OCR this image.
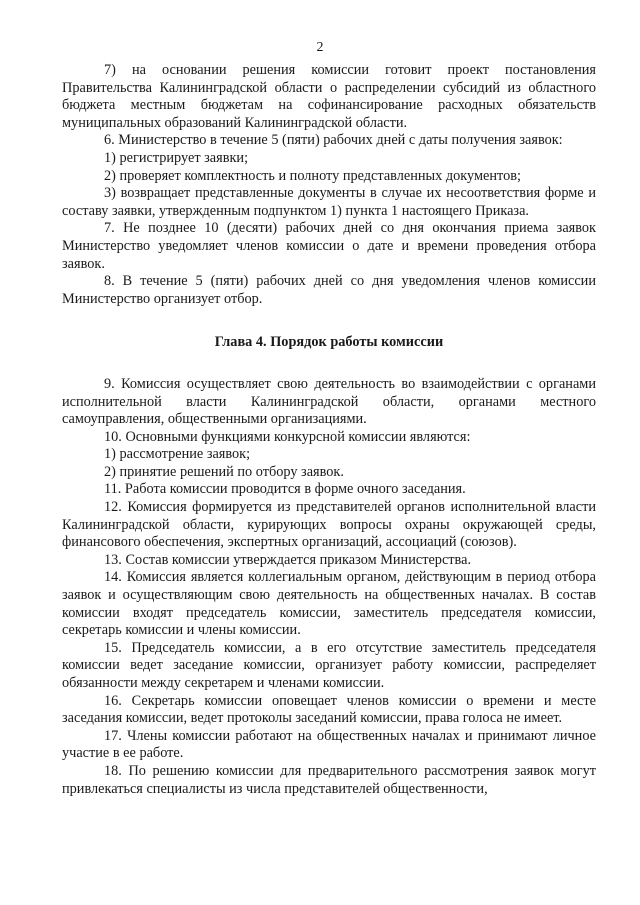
2

7) на основании решения комиссии готовит проект постановления Правительства Калининградской области о распределении субсидий из областного бюджета местным бюджетам на софинансирование расходных обязательств муниципальных образований Калининградской области.

6. Министерство в течение 5 (пяти) рабочих дней с даты получения заявок:

1) регистрирует заявки;

2) проверяет комплектность и полноту представленных документов;

3) возвращает представленные документы в случае их несоответствия форме и составу заявки, утвержденным подпунктом 1) пункта 1 настоящего Приказа.

7. Не позднее 10 (десяти) рабочих дней со дня окончания приема заявок Министерство уведомляет членов комиссии о дате и времени проведения отбора заявок.

8. В течение 5 (пяти) рабочих дней со дня уведомления членов комиссии Министерство организует отбор.

Глава 4. Порядок работы комиссии

9. Комиссия осуществляет свою деятельность во взаимодействии с органами исполнительной власти Калининградской области, органами местного самоуправления, общественными организациями.

10. Основными функциями конкурсной комиссии являются:

1) рассмотрение заявок;

2) принятие решений по отбору заявок.

11. Работа комиссии проводится в форме очного заседания.

12. Комиссия формируется из представителей органов исполнительной власти Калининградской области, курирующих вопросы охраны окружающей среды, финансового обеспечения, экспертных организаций, ассоциаций (союзов).

13. Состав комиссии утверждается приказом Министерства.

14. Комиссия является коллегиальным органом, действующим в период отбора заявок и осуществляющим свою деятельность на общественных началах. В состав комиссии входят председатель комиссии, заместитель председателя комиссии, секретарь комиссии и члены комиссии.

15. Председатель комиссии, а в его отсутствие заместитель председателя комиссии ведет заседание комиссии, организует работу комиссии, распределяет обязанности между секретарем и членами комиссии.

16. Секретарь комиссии оповещает членов комиссии о времени и месте заседания комиссии, ведет протоколы заседаний комиссии, права голоса не имеет.

17. Члены комиссии работают на общественных началах и принимают личное участие в ее работе.

18. По решению комиссии для предварительного рассмотрения заявок могут привлекаться специалисты из числа представителей общественности,
